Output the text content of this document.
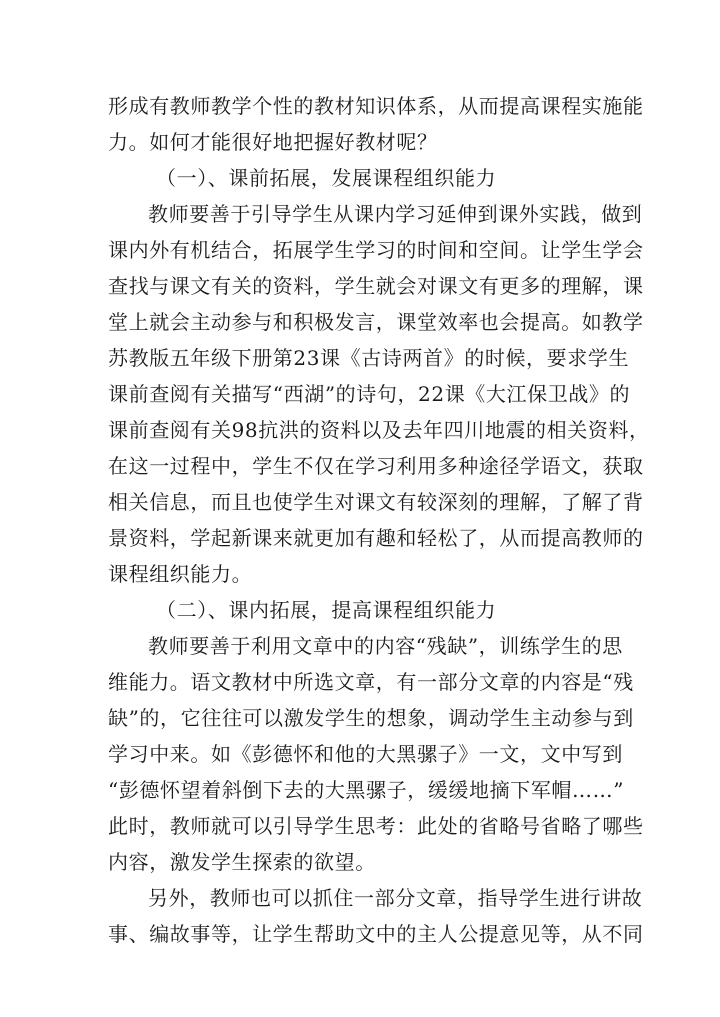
形成有教师教学个性的教材知识体系，从而提高课程实施能
力。如何才能很好地把握好教材呢？
（一）、课前拓展，发展课程组织能力
教师要善于引导学生从课内学习延伸到课外实践，做到
课内外有机结合，拓展学生学习的时间和空间。让学生学会
查找与课文有关的资料，学生就会对课文有更多的理解，课
堂上就会主动参与和积极发言，课堂效率也会提高。如教学
苏教版五年级下册第23课《古诗两首》的时候，要求学生
课前查阅有关描写“西湖”的诗句，22课《大江保卫战》的
课前查阅有关98抗洪的资料以及去年四川地震的相关资料，
在这一过程中，学生不仅在学习利用多种途径学语文，获取
相关信息，而且也使学生对课文有较深刻的理解，了解了背
景资料，学起新课来就更加有趣和轻松了，从而提高教师的
课程组织能力。
（二）、课内拓展，提高课程组织能力
教师要善于利用文章中的内容“残缺”，训练学生的思
维能力。语文教材中所选文章，有一部分文章的内容是“残
缺”的，它往往可以激发学生的想象，调动学生主动参与到
学习中来。如《彭德怀和他的大黑骡子》一文，文中写到
“彭德怀望着斜倒下去的大黑骡子，缓缓地摘下军帽……”
此时，教师就可以引导学生思考：此处的省略号省略了哪些
内容，激发学生探索的欲望。
另外，教师也可以抓住一部分文章，指导学生进行讲故
事、编故事等，让学生帮助文中的主人公提意见等，从不同
